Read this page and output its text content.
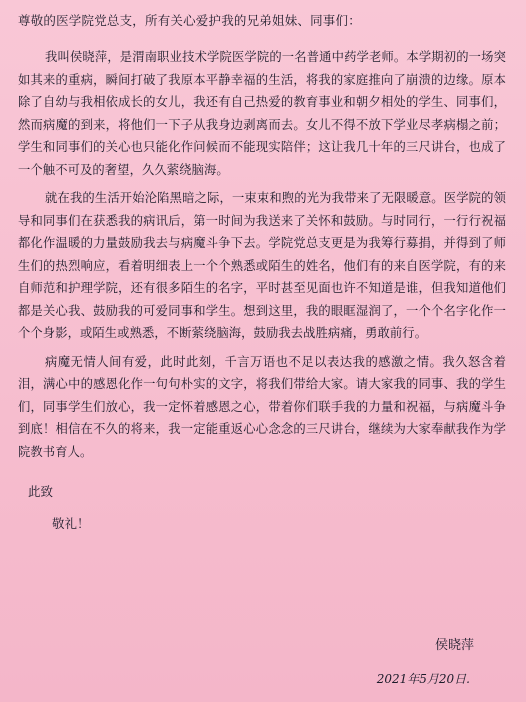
尊敬的医学院党总支，所有关心爱护我的兄弟姐妹、同事们：

我叫侯晓萍，是渭南职业技术学院医学院的一名普通中药学老师。本学期初的一场突如其来的重病，瞬间打破了我原本平静幸福的生活，将我的家庭推向了崩溃的边缘。原本除了自幼与我相依成长的女儿，我还有自己热爱的教育事业和朝夕相处的学生、同事们，然而病魔的到来，将他们一下子从我身边剥离而去。女儿不得不放下学业尽孝病榻之前；学生和同事们的关心也只能化作问候而不能现实陪伴；这让我几十年的三尺讲台，也成了一个触不可及的奢望，久久萦绕脑海。

就在我的生活开始沦陷黑暗之际，一束束和煦的光为我带来了无限暖意。医学院的领导和同事们在获悉我的病讯后，第一时间为我送来了关怀和鼓励。与时同行，一行行祝福都化作温暖的力量鼓励我去与病魔斗争下去。学院党总支更是为我筹行募捐，并得到了师生们的热烈响应，看着明细表上一个个熟悉或陌生的姓名，他们有的来自医学院，有的来自师范和护理学院，还有很多陌生的名字，平时甚至见面也许不知道是谁，但我知道他们都是关心我、鼓励我的可爱同事和学生。想到这里，我的眼眶湿润了，一个个名字化作一个个身影，或陌生或熟悉，不断萦绕脑海，鼓励我去战胜病痛，勇敢前行。

病魔无情人间有爱，此时此刻，千言万语也不足以表达我的感激之情。我久怒含着泪，满心中的感恩化作一句句朴实的文字，将我们带给大家。请大家我的同事、我的学生们，同事学生们放心，我一定怀着感恩之心，带着你们联手我的力量和祝福，与病魔斗争到底！相信在不久的将来，我一定能重返心心念念的三尺讲台，继续为大家奉献我作为学院教书育人。

此致
敬礼！
侯晓萍
2021年5月20日.
